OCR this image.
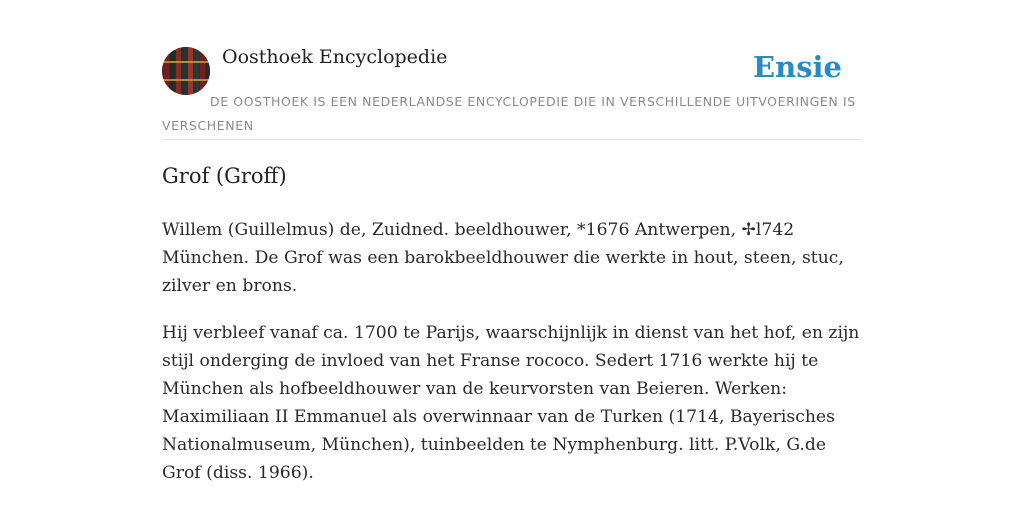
Oosthoek Encyclopedie	Ensie
DE OOSTHOEK IS EEN NEDERLANDSE ENCYCLOPEDIE DIE IN VERSCHILLENDE UITVOERINGEN IS VERSCHENEN
Grof (Groff)

Willem (Guillelmus) de, Zuidned. beeldhouwer, *1676 Antwerpen, ✢l742 München. De Grof was een barokbeeldhouwer die werkte in hout, steen, stuc, zilver en brons.

Hij verbleef vanaf ca. 1700 te Parijs, waarschijnlijk in dienst van het hof, en zijn stijl onderging de invloed van het Franse rococo. Sedert 1716 werkte hij te München als hofbeeldhouwer van de keurvorsten van Beieren. Werken: Maximiliaan II Emmanuel als overwinnaar van de Turken (1714, Bayerisches Nationalmuseum, München), tuinbeelden te Nymphenburg. litt. P.Volk, G.de Grof (diss. 1966).
